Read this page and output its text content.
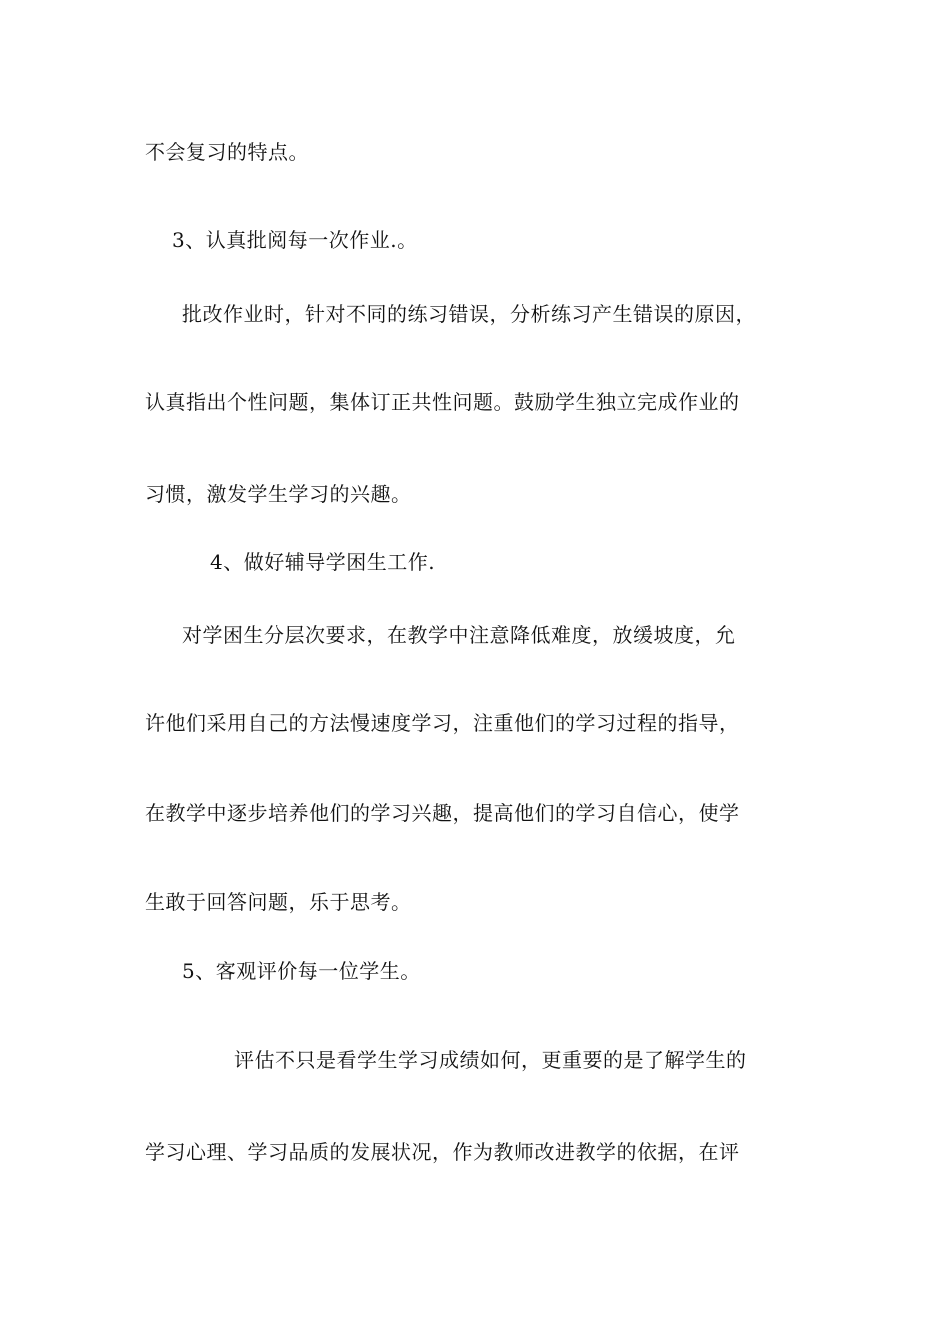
不会复习的特点。
3、认真批阅每一次作业.。
批改作业时，针对不同的练习错误，分析练习产生错误的原因，
认真指出个性问题，集体订正共性问题。鼓励学生独立完成作业的
习惯，激发学生学习的兴趣。
4、做好辅导学困生工作.
对学困生分层次要求，在教学中注意降低难度，放缓坡度，允
许他们采用自己的方法慢速度学习，注重他们的学习过程的指导，
在教学中逐步培养他们的学习兴趣，提高他们的学习自信心，使学
生敢于回答问题，乐于思考。
5、客观评价每一位学生。
评估不只是看学生学习成绩如何，更重要的是了解学生的
学习心理、学习品质的发展状况，作为教师改进教学的依据，在评
